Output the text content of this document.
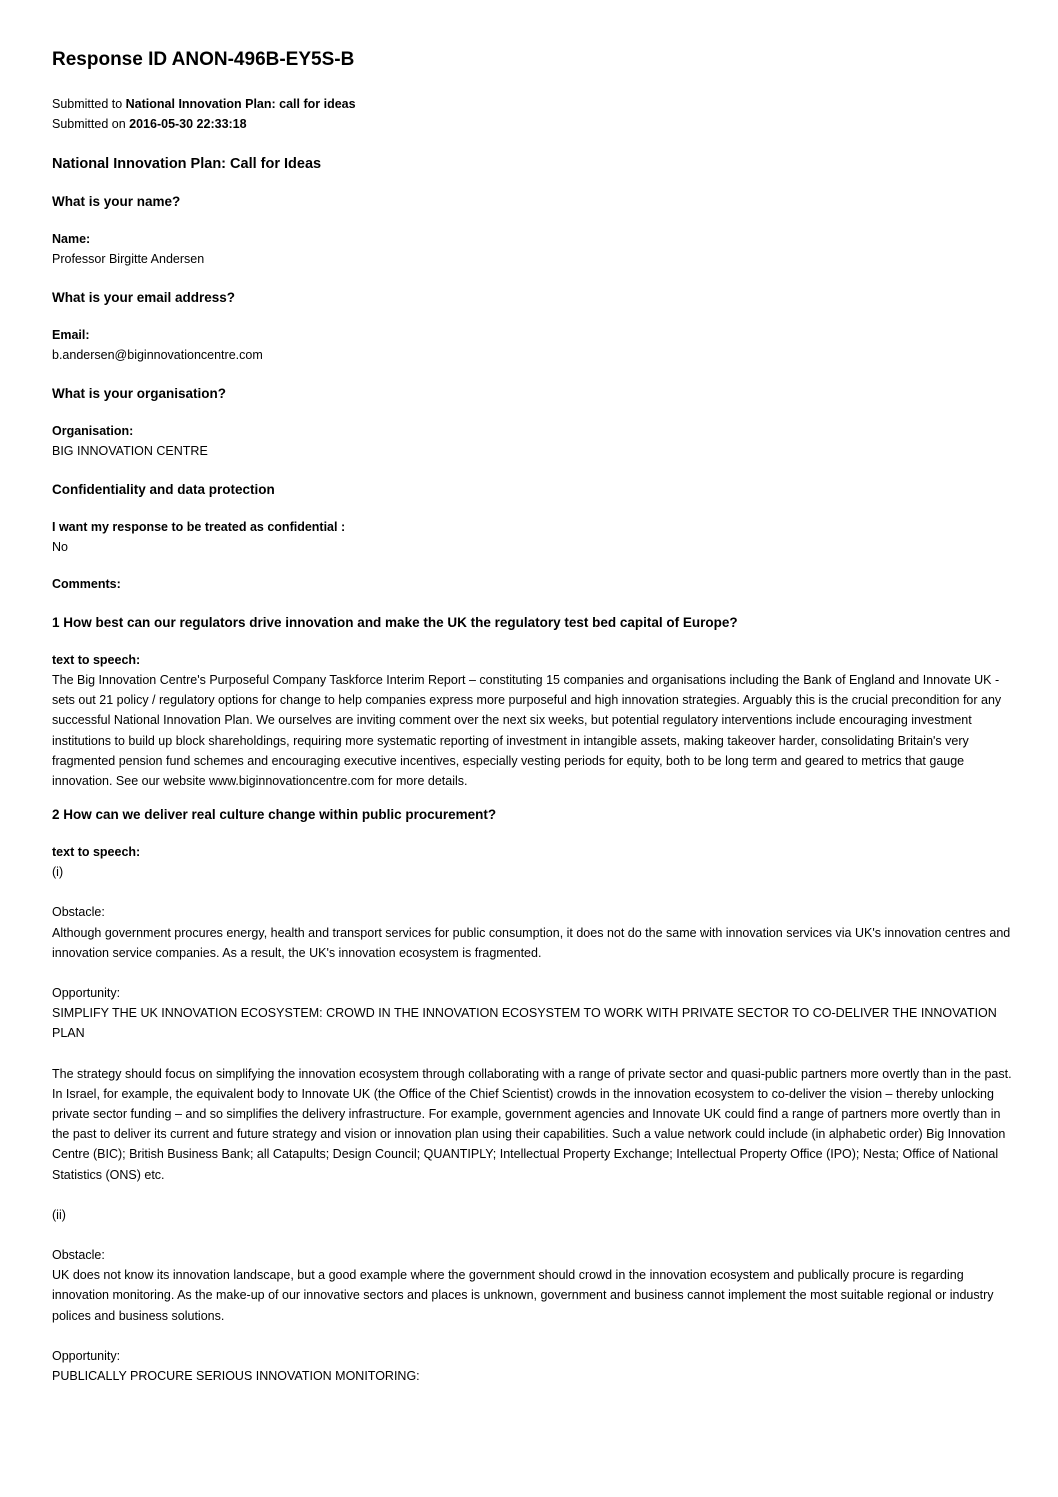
Response ID ANON-496B-EY5S-B
Submitted to National Innovation Plan: call for ideas
Submitted on 2016-05-30 22:33:18
National Innovation Plan: Call for Ideas
What is your name?
Name:
Professor Birgitte Andersen
What is your email address?
Email:
b.andersen@biginnovationcentre.com
What is your organisation?
Organisation:
BIG INNOVATION CENTRE
Confidentiality and data protection
I want my response to be treated as confidential :
No
Comments:
1 How best can our regulators drive innovation and make the UK the regulatory test bed capital of Europe?
text to speech:
The Big Innovation Centre's Purposeful Company Taskforce Interim Report – constituting 15 companies and organisations including the Bank of England and Innovate UK - sets out 21 policy / regulatory options for change to help companies express more purposeful and high innovation strategies. Arguably this is the crucial precondition for any successful National Innovation Plan. We ourselves are inviting comment over the next six weeks, but potential regulatory interventions include encouraging investment institutions to build up block shareholdings, requiring more systematic reporting of investment in intangible assets, making takeover harder, consolidating Britain's very fragmented pension fund schemes and encouraging executive incentives, especially vesting periods for equity, both to be long term and geared to metrics that gauge innovation. See our website www.biginnovationcentre.com for more details.
2 How can we deliver real culture change within public procurement?
text to speech:
(i)
Obstacle:
Although government procures energy, health and transport services for public consumption, it does not do the same with innovation services via UK's innovation centres and innovation service companies. As a result, the UK's innovation ecosystem is fragmented.
Opportunity:
SIMPLIFY THE UK INNOVATION ECOSYSTEM: CROWD IN THE INNOVATION ECOSYSTEM TO WORK WITH PRIVATE SECTOR TO CO-DELIVER THE INNOVATION PLAN
The strategy should focus on simplifying the innovation ecosystem through collaborating with a range of private sector and quasi-public partners more overtly than in the past. In Israel, for example, the equivalent body to Innovate UK (the Office of the Chief Scientist) crowds in the innovation ecosystem to co-deliver the vision – thereby unlocking private sector funding – and so simplifies the delivery infrastructure. For example, government agencies and Innovate UK could find a range of partners more overtly than in the past to deliver its current and future strategy and vision or innovation plan using their capabilities. Such a value network could include (in alphabetic order) Big Innovation Centre (BIC); British Business Bank; all Catapults; Design Council; QUANTIPLY; Intellectual Property Exchange; Intellectual Property Office (IPO); Nesta; Office of National Statistics (ONS) etc.
(ii)
Obstacle:
UK does not know its innovation landscape, but a good example where the government should crowd in the innovation ecosystem and publically procure is regarding innovation monitoring. As the make-up of our innovative sectors and places is unknown, government and business cannot implement the most suitable regional or industry polices and business solutions.
Opportunity:
PUBLICALLY PROCURE SERIOUS INNOVATION MONITORING:
